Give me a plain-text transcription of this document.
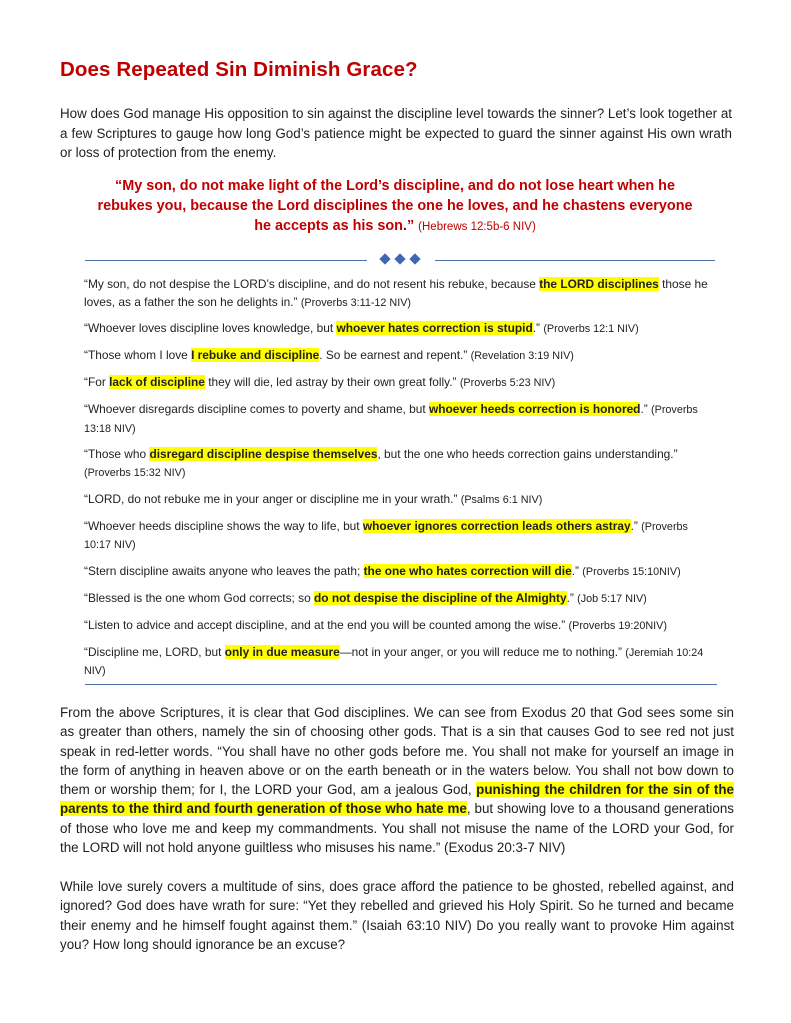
Does Repeated Sin Diminish Grace?
How does God manage His opposition to sin against the discipline level towards the sinner? Let’s look together at a few Scriptures to gauge how long God’s patience might be expected to guard the sinner against His own wrath or loss of protection from the enemy.
“My son, do not make light of the Lord’s discipline, and do not lose heart when he rebukes you, because the Lord disciplines the one he loves, and he chastens everyone he accepts as his son.” (Hebrews 12:5b-6 NIV)

“My son, do not despise the LORD’s discipline, and do not resent his rebuke, because the LORD disciplines those he loves, as a father the son he delights in.” (Proverbs 3:11-12 NIV)

“Whoever loves discipline loves knowledge, but whoever hates correction is stupid.” (Proverbs 12:1 NIV)

“Those whom I love I rebuke and discipline. So be earnest and repent.” (Revelation 3:19 NIV)

“For lack of discipline they will die, led astray by their own great folly.” (Proverbs 5:23 NIV)

“Whoever disregards discipline comes to poverty and shame, but whoever heeds correction is honored.” (Proverbs 13:18 NIV)

“Those who disregard discipline despise themselves, but the one who heeds correction gains understanding.” (Proverbs 15:32 NIV)

“LORD, do not rebuke me in your anger or discipline me in your wrath.” (Psalms 6:1 NIV)

“Whoever heeds discipline shows the way to life, but whoever ignores correction leads others astray.” (Proverbs 10:17 NIV)

“Stern discipline awaits anyone who leaves the path; the one who hates correction will die.” (Proverbs 15:10NIV)

“Blessed is the one whom God corrects; so do not despise the discipline of the Almighty.” (Job 5:17 NIV)

“Listen to advice and accept discipline, and at the end you will be counted among the wise.” (Proverbs 19:20NIV)

“Discipline me, LORD, but only in due measure—not in your anger, or you will reduce me to nothing.” (Jeremiah 10:24 NIV)

From the above Scriptures, it is clear that God disciplines. We can see from Exodus 20 that God sees some sin as greater than others, namely the sin of choosing other gods. That is a sin that causes God to see red not just speak in red-letter words. “You shall have no other gods before me. You shall not make for yourself an image in the form of anything in heaven above or on the earth beneath or in the waters below. You shall not bow down to them or worship them; for I, the LORD your God, am a jealous God, punishing the children for the sin of the parents to the third and fourth generation of those who hate me, but showing love to a thousand generations of those who love me and keep my commandments. You shall not misuse the name of the LORD your God, for the LORD will not hold anyone guiltless who misuses his name.” (Exodus 20:3-7 NIV)
While love surely covers a multitude of sins, does grace afford the patience to be ghosted, rebelled against, and ignored? God does have wrath for sure: “Yet they rebelled and grieved his Holy Spirit. So he turned and became their enemy and he himself fought against them.” (Isaiah 63:10 NIV) Do you really want to provoke Him against you? How long should ignorance be an excuse?
